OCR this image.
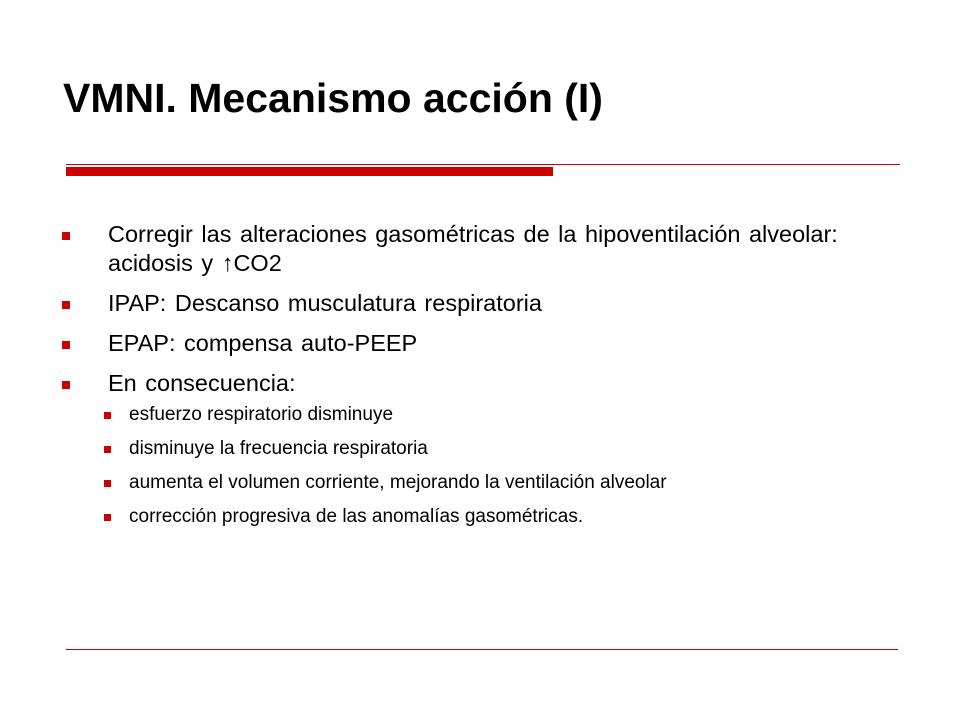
VMNI. Mecanismo acción (I)
Corregir las alteraciones gasométricas de la hipoventilación alveolar: acidosis y ↑CO2
IPAP: Descanso musculatura respiratoria
EPAP: compensa auto-PEEP
En consecuencia:
esfuerzo respiratorio disminuye
disminuye la frecuencia respiratoria
aumenta el volumen corriente, mejorando la ventilación alveolar
corrección progresiva de las anomalías gasométricas.
